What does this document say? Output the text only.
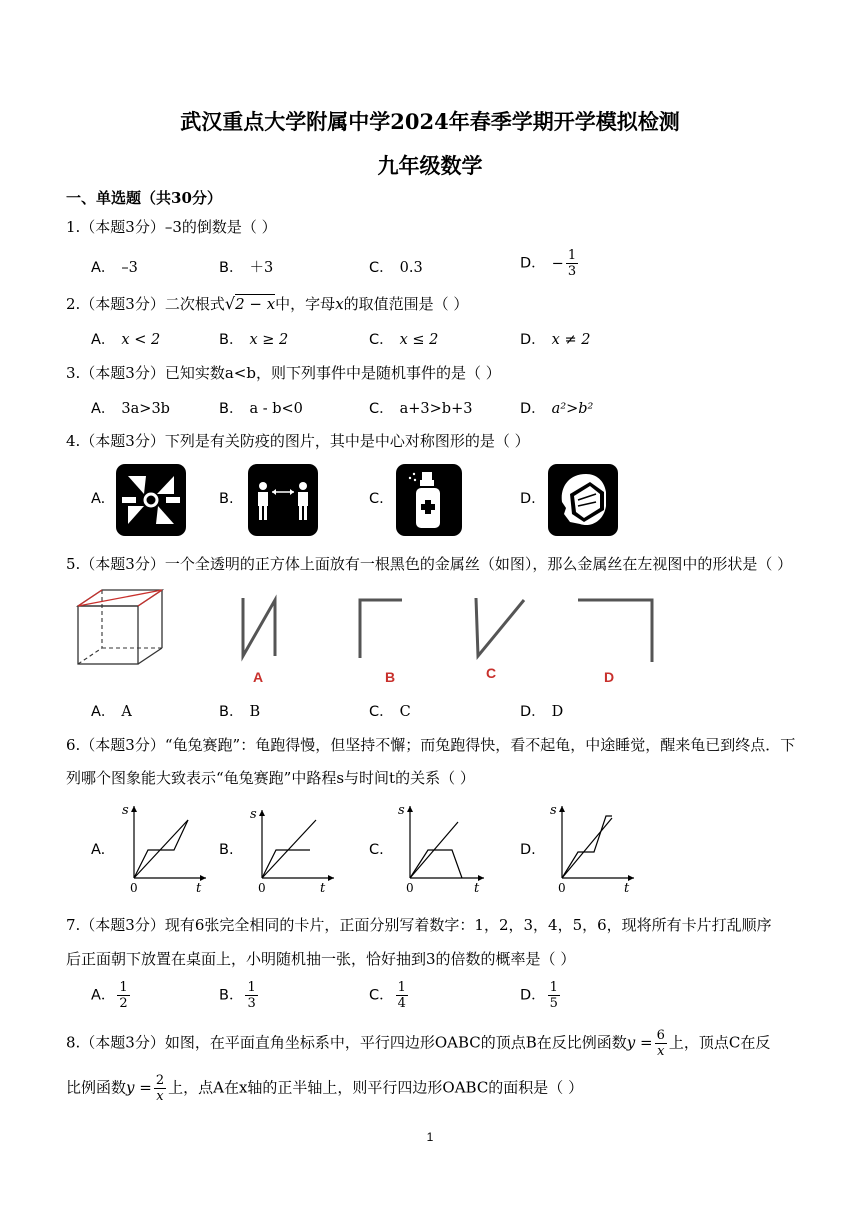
武汉重点大学附属中学2024年春季学期开学模拟检测
九年级数学
一、单选题（共30分）
1.（本题3分）–3的倒数是（ ）
A． –3	B． ＋3	C． 0.3	D． − $\frac{1}{3}$
2.（本题3分）二次根式√2 − x中，字母x的取值范围是（ ）
A． x < 2	B． x ≥ 2	C． x ≤ 2	D． x ≠ 2
3.（本题3分）已知实数a<b，则下列事件中是随机事件的是（ ）
A． 3a>3b	B． a - b<0	C． a+3>b+3	D． a²>b²
4.（本题3分）下列是有关防疫的图片，其中是中心对称图形的是（ ）
A.	B.	C.	D.
5.（本题3分）一个全透明的正方体上面放有一根黑色的金属丝（如图），那么金属丝在左视图中的形状是（ ）
A	B	C	D
A． A	B． B	C． C	D． D
6.（本题3分）“龟兔赛跑”：龟跑得慢，但坚持不懈；而兔跑得快，看不起龟，中途睡觉，醒来龟已到终点．下
列哪个图象能大致表示“龟兔赛跑”中路程s与时间t的关系（ ）
A.	B.	C.	D.
s
0	t
s
0	t
s
0	t
s
0	t
7.（本题3分）现有6张完全相同的卡片，正面分别写着数字：1，2，3，4，5，6，现将所有卡片打乱顺序
后正面朝下放置在桌面上，小明随机抽一张，恰好抽到3的倍数的概率是（ ）
A． $\frac{1}{2}$	B． $\frac{1}{3}$	C． $\frac{1}{4}$	D． $\frac{1}{5}$
8.（本题3分）如图，在平面直角坐标系中，平行四边形OABC的顶点B在反比例函数$y = \frac{6}{x}$ 上，顶点C在反
比例函数$y = \frac{2}{x}$ 上，点A在x轴的正半轴上，则平行四边形OABC的面积是（ ）
1
